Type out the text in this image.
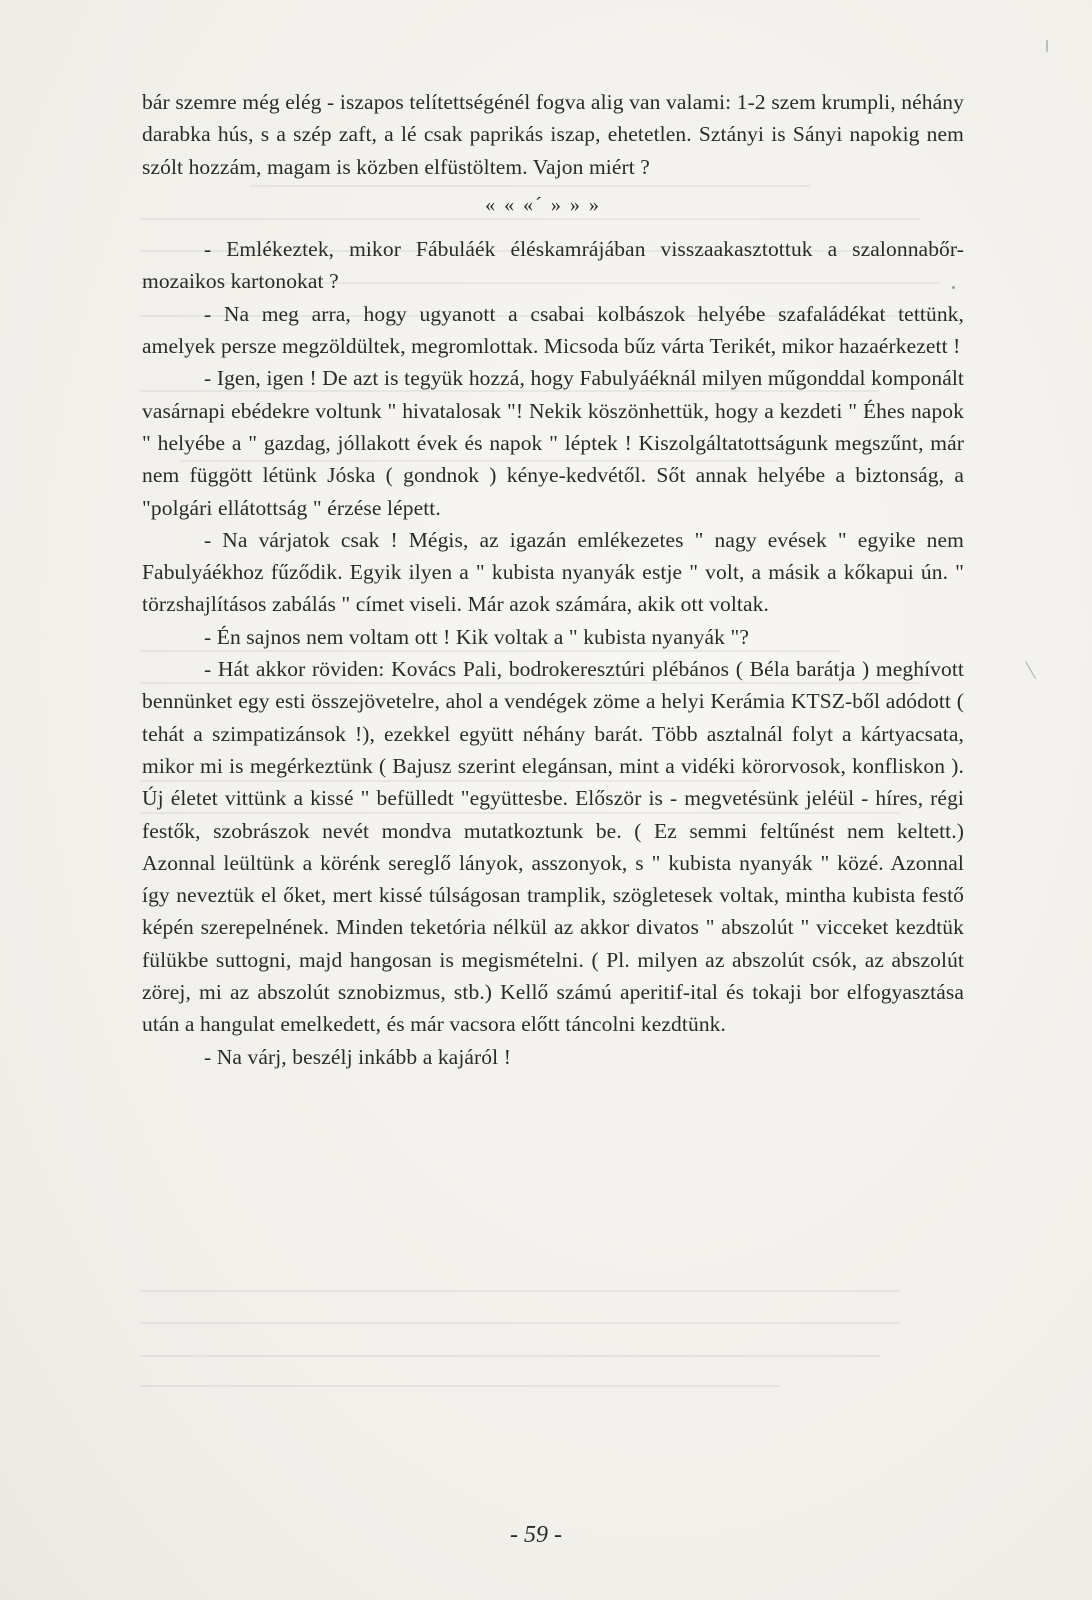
bár szemre még elég - iszapos telítettségénél fogva alig van valami: 1-2 szem krumpli, néhány darabka hús, s a szép zaft, a lé csak paprikás iszap, ehetetlen. Sztányi is Sányi napokig nem szólt hozzám, magam is közben elfüstöltem. Vajon miért ?

« « «´ » » »

- Emlékeztek, mikor Fábuláék éléskamrájában visszaakasztottuk a szalonnabőr-mozaikos kartonokat ?

- Na meg arra, hogy ugyanott a csabai kolbászok helyébe szafaládékat tettünk, amelyek persze megzöldültek, megromlottak. Micsoda bűz várta Terikét, mikor hazaérkezett !

- Igen, igen ! De azt is tegyük hozzá, hogy Fabulyáéknál milyen műgonddal komponált vasárnapi ebédekre voltunk " hivatalosak "! Nekik köszönhettük, hogy a kezdeti " Éhes napok " helyébe a " gazdag, jóllakott évek és napok " léptek ! Kiszolgáltatottságunk megszűnt, már nem függött létünk Jóska ( gondnok ) kénye-kedvétől. Sőt annak helyébe a biztonság, a "polgári ellátottság " érzése lépett.

- Na várjatok csak ! Mégis, az igazán emlékezetes " nagy evések " egyike nem Fabulyáékhoz fűződik. Egyik ilyen a " kubista nyanyák estje " volt, a másik a kőkapui ún. " törzshajlításos zabálás " címet viseli. Már azok számára, akik ott voltak.

- Én sajnos nem voltam ott ! Kik voltak a " kubista nyanyák "?

- Hát akkor röviden: Kovács Pali, bodrokeresztúri plébános ( Béla barátja ) meghívott bennünket egy esti összejövetelre, ahol a vendégek zöme a helyi Kerámia KTSZ-ből adódott ( tehát a szimpatizánsok !), ezekkel együtt néhány barát. Több asztalnál folyt a kártyacsata, mikor mi is megérkeztünk ( Bajusz szerint elegánsan, mint a vidéki körorvosok, konfliskon ). Új életet vittünk a kissé " befülledt "együttesbe. Először is - megvetésünk jeléül - híres, régi festők, szobrászok nevét mondva mutatkoztunk be. ( Ez semmi feltűnést nem keltett.) Azonnal leültünk a körénk sereglő lányok, asszonyok, s " kubista nyanyák " közé. Azonnal így neveztük el őket, mert kissé túlságosan tramplik, szögletesek voltak, mintha kubista festő képén szerepelnének. Minden teketória nélkül az akkor divatos " abszolút " vicceket kezdtük fülükbe suttogni, majd hangosan is megismételni. ( Pl. milyen az abszolút csók, az abszolút zörej, mi az abszolút sznobizmus, stb.) Kellő számú aperitif-ital és tokaji bor elfogyasztása után a hangulat emelkedett, és már vacsora előtt táncolni kezdtünk.

- Na várj, beszélj inkább a kajáról !

- 59 -
